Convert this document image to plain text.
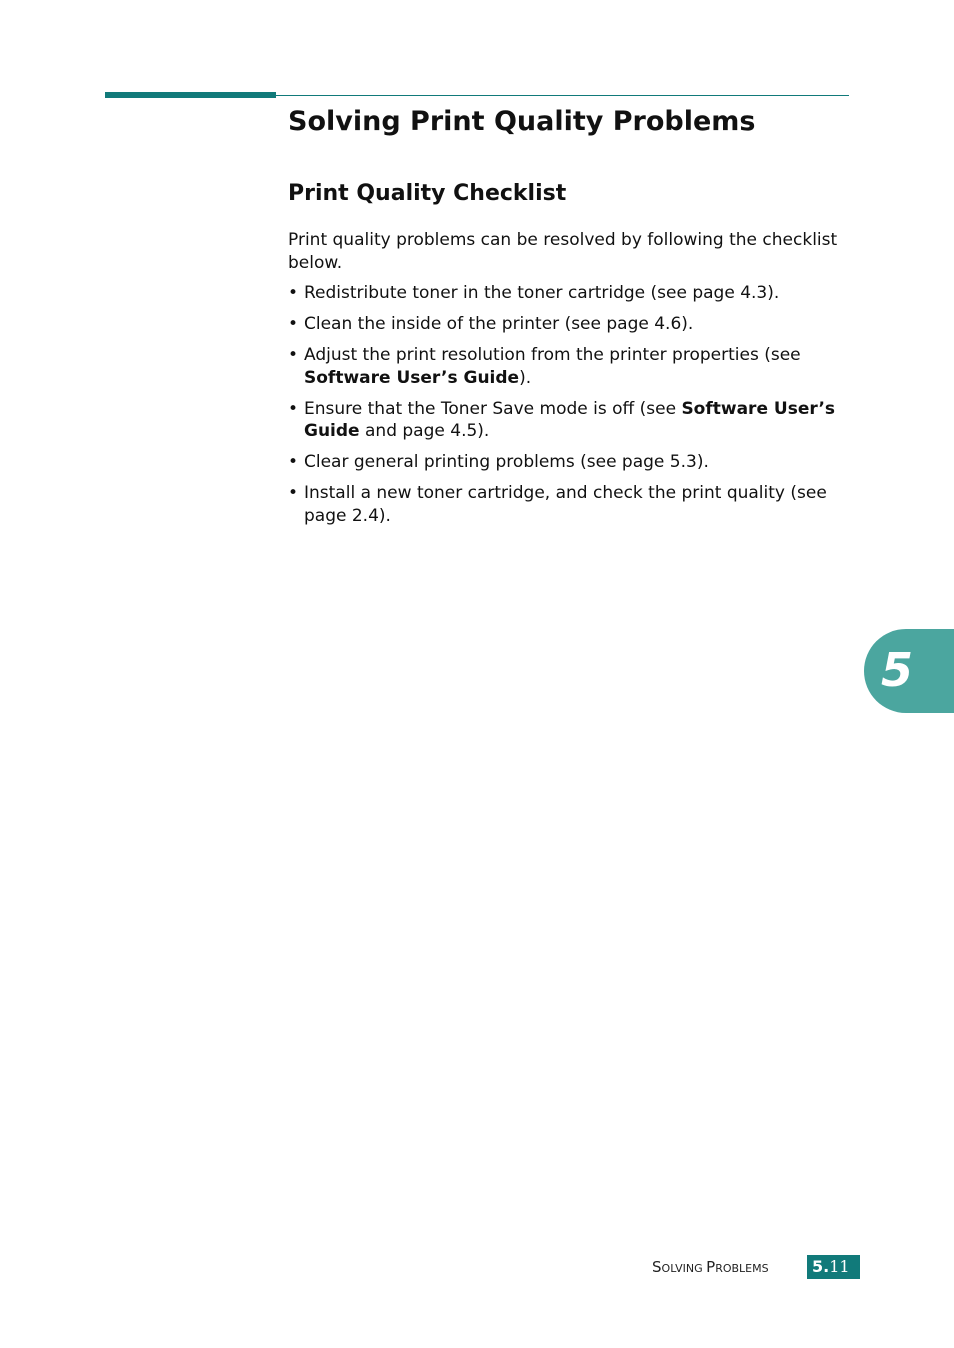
Solving Print Quality Problems
Print Quality Checklist

Print quality problems can be resolved by following the checklist below.

• Redistribute toner in the toner cartridge (see page 4.3).
• Clean the inside of the printer (see page 4.6).
• Adjust the print resolution from the printer properties (see Software User’s Guide).
• Ensure that the Toner Save mode is off (see Software User’s Guide and page 4.5).
• Clear general printing problems (see page 5.3).
• Install a new toner cartridge, and check the print quality (see page 2.4).
5
SOLVING PROBLEMS	5.11
